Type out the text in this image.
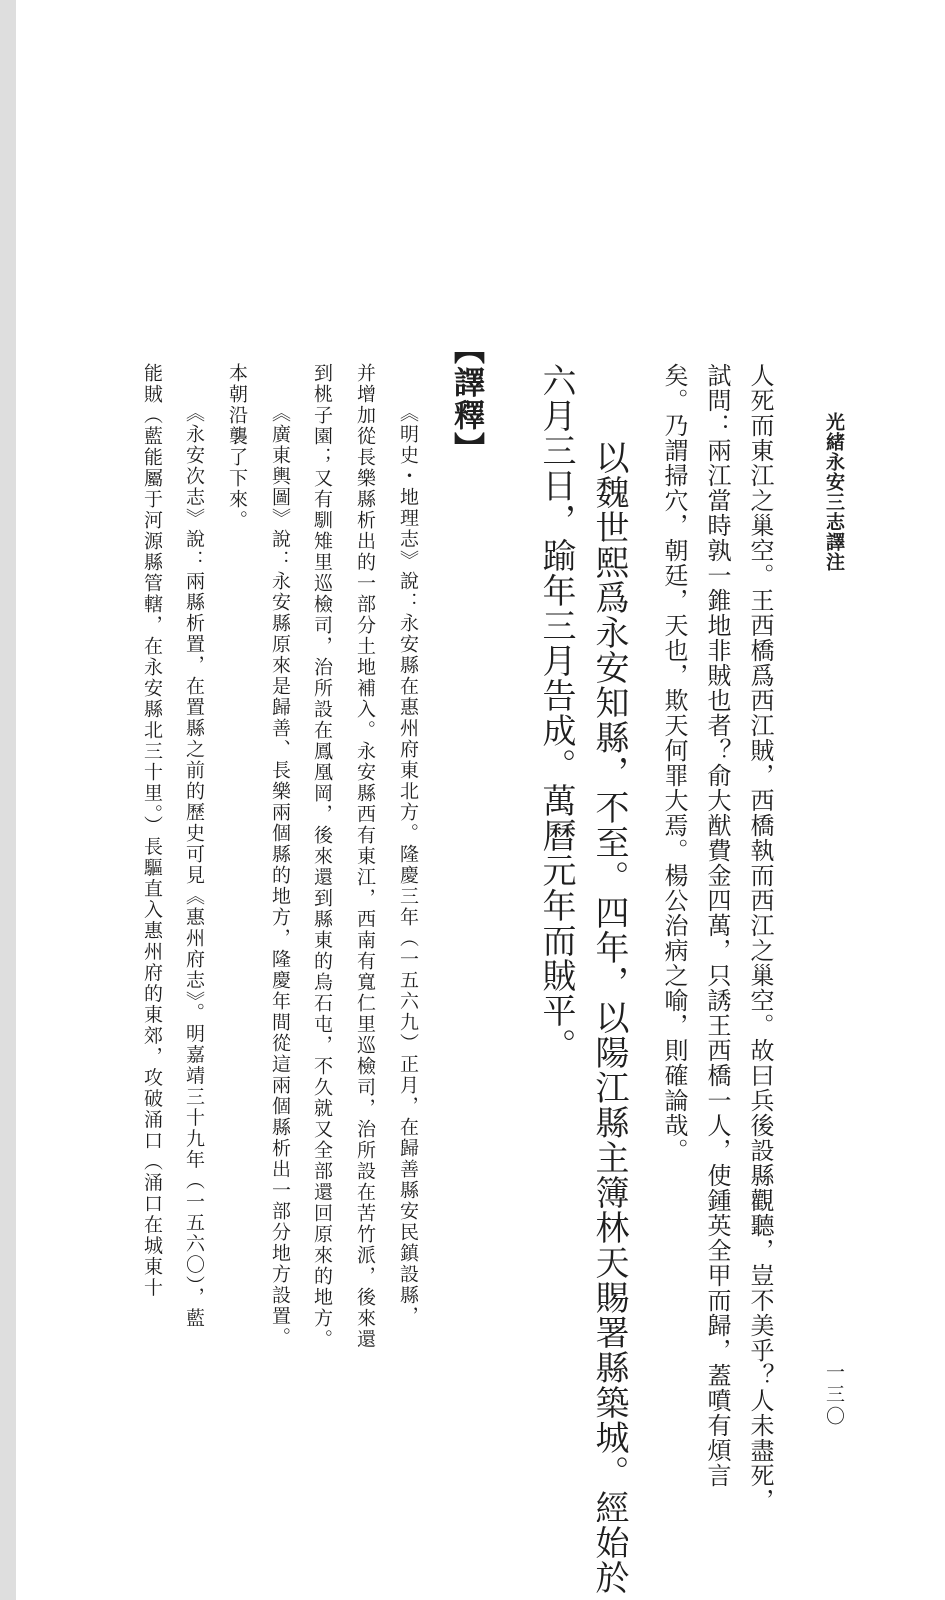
光緒永安三志譯注
一三〇
人死而東江之巢空。王西橋爲西江賊，西橋執而西江之巢空。故曰兵後設縣觀聽，豈不美乎？人未盡死，
試問：兩江當時孰一錐地非賊也者？俞大猷費金四萬，只誘王西橋一人，使鍾英全甲而歸，蓋噴有煩言
矣。乃謂掃穴，朝廷，天也，欺天何罪大焉。楊公治病之喻，則確論哉。
以魏世熙爲永安知縣，不至。四年，以陽江縣主簿林天賜署縣築城。經始於
六月三日，踰年三月告成。萬曆元年而賊平。
【譯釋】
《明史・地理志》說：永安縣在惠州府東北方。隆慶三年（一五六九）正月，在歸善縣安民鎮設縣，
并增加從長樂縣析出的一部分土地補入。永安縣西有東江，西南有寬仁里巡檢司，治所設在苦竹派，後來還
到桃子園；又有馴雉里巡檢司，治所設在鳳凰岡，後來還到縣東的烏石屯，不久就又全部還回原來的地方。
《廣東輿圖》說：永安縣原來是歸善、長樂兩個縣的地方，隆慶年間從這兩個縣析出一部分地方設置。
本朝沿襲了下來。
《永安次志》說：兩縣析置，在置縣之前的歷史可見《惠州府志》。明嘉靖三十九年（一五六〇），藍
能賊（藍能屬于河源縣管轄，在永安縣北三十里。）長驅直入惠州府的東郊，攻破涌口（涌口在城東十
